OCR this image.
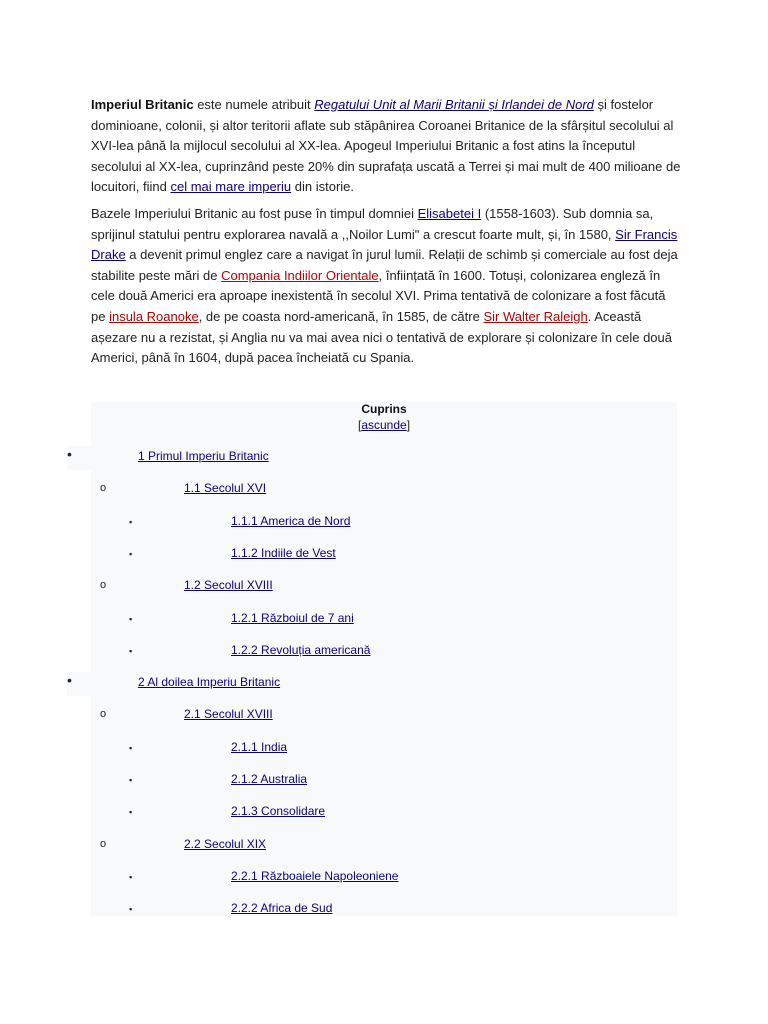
Imperiul Britanic este numele atribuit Regatului Unit al Marii Britanii și Irlandei de Nord și fostelor dominioane, colonii, și altor teritorii aflate sub stăpânirea Coroanei Britanice de la sfârșitul secolului al XVI-lea până la mijlocul secolului al XX-lea. Apogeul Imperiului Britanic a fost atins la începutul secolului al XX-lea, cuprinzând peste 20% din suprafața uscată a Terrei și mai mult de 400 milioane de locuitori, fiind cel mai mare imperiu din istorie.

Bazele Imperiului Britanic au fost puse în timpul domniei Elisabetei I (1558-1603). Sub domnia sa, sprijinul statului pentru explorarea navală a ,,Noilor Lumi" a crescut foarte mult, și, în 1580, Sir Francis Drake a devenit primul englez care a navigat în jurul lumii. Relații de schimb și comerciale au fost deja stabilite peste mări de Compania Indiilor Orientale, înființată în 1600. Totuși, colonizarea engleză în cele două Americi era aproape inexistentă în secolul XVI. Prima tentativă de colonizare a fost făcută pe insula Roanoke, de pe coasta nord-americană, în 1585, de către Sir Walter Raleigh. Această așezare nu a rezistat, și Anglia nu va mai avea nici o tentativă de explorare și colonizare în cele două Americi, până în 1604, după pacea încheiată cu Spania.

Cuprins
[ascunde]
•	1 Primul Imperiu Britanic
o	1.1 Secolul XVI
▪	1.1.1 America de Nord
▪	1.1.2 Indiile de Vest
o	1.2 Secolul XVIII
▪	1.2.1 Războiul de 7 ani
▪	1.2.2 Revoluția americană
•	2 Al doilea Imperiu Britanic
o	2.1 Secolul XVIII
▪	2.1.1 India
▪	2.1.2 Australia
▪	2.1.3 Consolidare
o	2.2 Secolul XIX
▪	2.2.1 Războaiele Napoleoniene
▪	2.2.2 Africa de Sud
